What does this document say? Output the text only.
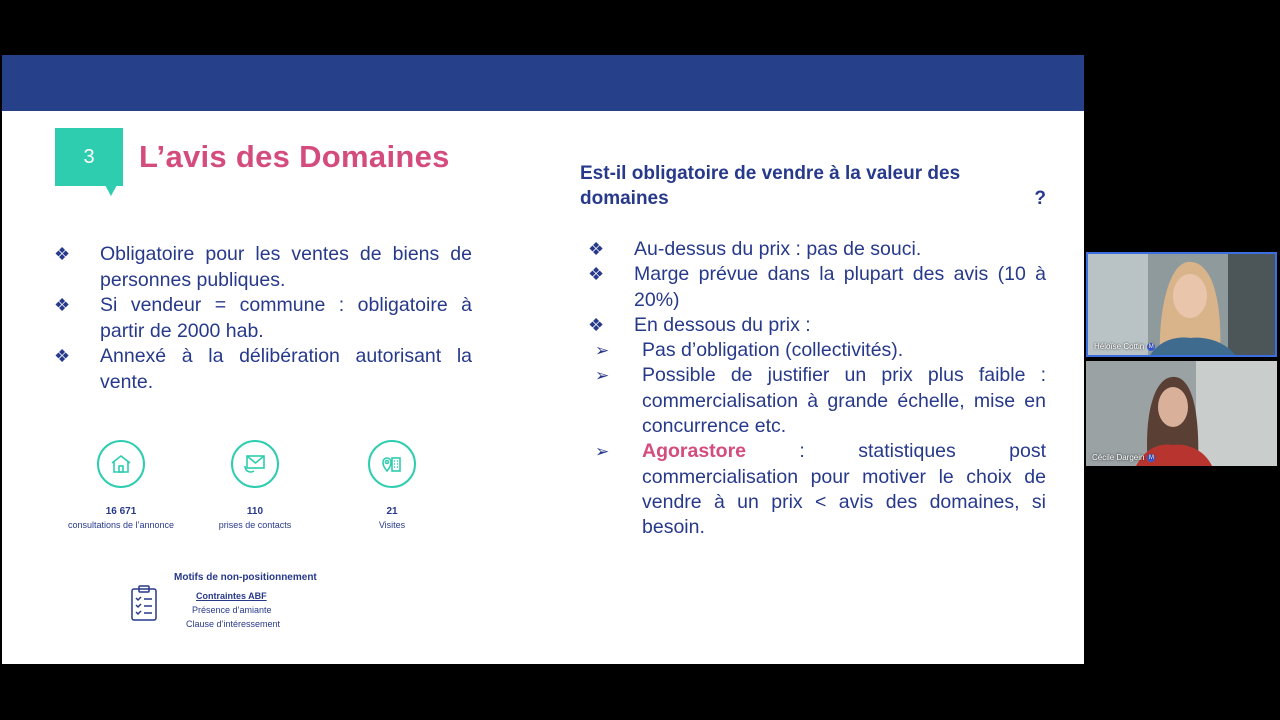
3 L’avis des Domaines
❖ Obligatoire pour les ventes de biens de personnes publiques.
❖ Si vendeur = commune : obligatoire à partir de 2000 hab.
❖ Annexé à la délibération autorisant la vente.
Est-il obligatoire de vendre à la valeur des domaines	?
❖ Au-dessus du prix : pas de souci.
❖ Marge prévue dans la plupart des avis (10 à 20%)
❖ En dessous du prix :
➢ Pas d’obligation (collectivités).
➢ Possible de justifier un prix plus faible : commercialisation à grande échelle, mise en concurrence etc.
➢ Agorastore : statistiques post commercialisation pour motiver le choix de vendre à un prix < avis des domaines, si besoin.
16 671
consultations de l’annonce
110
prises de contacts
21
Visites
Motifs de non-positionnement
Contraintes ABF
Présence d’amiante
Clause d’intéressement
Héloïse Cottin M
Cécile Dargein M
